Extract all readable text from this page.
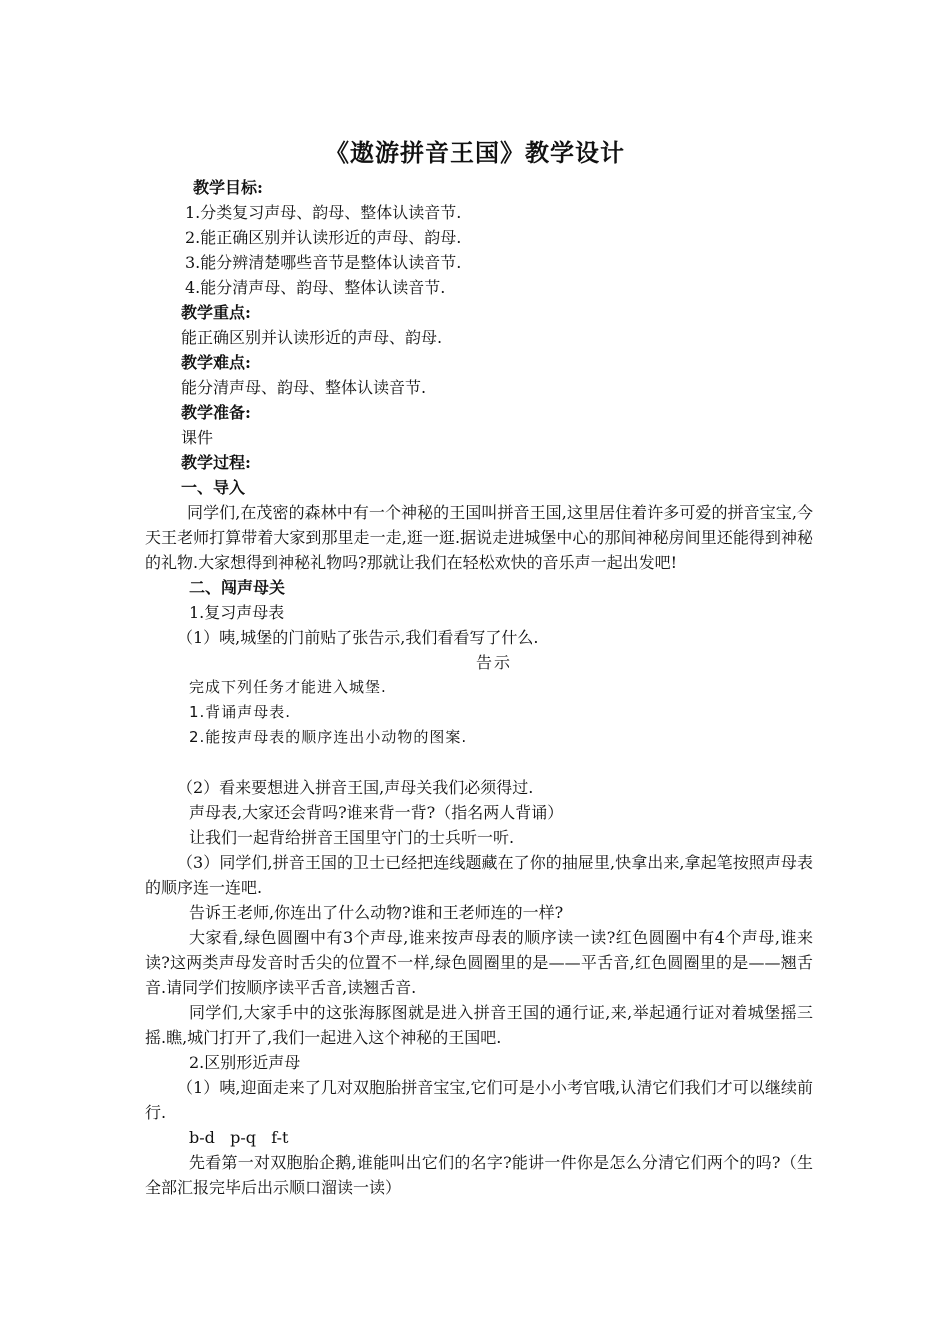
《遨游拼音王国》教学设计
教学目标:
1.分类复习声母、韵母、整体认读音节.
2.能正确区别并认读形近的声母、韵母.
3.能分辨清楚哪些音节是整体认读音节.
4.能分清声母、韵母、整体认读音节.
教学重点:
能正确区别并认读形近的声母、韵母.
教学难点:
能分清声母、韵母、整体认读音节.
教学准备:
课件
教学过程:
一、导入
同学们,在茂密的森林中有一个神秘的王国叫拼音王国,这里居住着许多可爱的拼音宝宝,今天王老师打算带着大家到那里走一走,逛一逛.据说走进城堡中心的那间神秘房间里还能得到神秘的礼物.大家想得到神秘礼物吗?那就让我们在轻松欢快的音乐声一起出发吧!
二、闯声母关
1.复习声母表
（1）咦,城堡的门前贴了张告示,我们看看写了什么.
告示
完成下列任务才能进入城堡.
1.背诵声母表.
2.能按声母表的顺序连出小动物的图案.
（2）看来要想进入拼音王国,声母关我们必须得过.
声母表,大家还会背吗?谁来背一背?（指名两人背诵）
让我们一起背给拼音王国里守门的士兵听一听.
（3）同学们,拼音王国的卫士已经把连线题藏在了你的抽屉里,快拿出来,拿起笔按照声母表的顺序连一连吧.
告诉王老师,你连出了什么动物?谁和王老师连的一样?
大家看,绿色圆圈中有3个声母,谁来按声母表的顺序读一读?红色圆圈中有4个声母,谁来读?这两类声母发音时舌尖的位置不一样,绿色圆圈里的是——平舌音,红色圆圈里的是——翘舌音.请同学们按顺序读平舌音,读翘舌音.
同学们,大家手中的这张海豚图就是进入拼音王国的通行证,来,举起通行证对着城堡摇三摇.瞧,城门打开了,我们一起进入这个神秘的王国吧.
2.区别形近声母
（1）咦,迎面走来了几对双胞胎拼音宝宝,它们可是小小考官哦,认清它们我们才可以继续前行.
b-d   p-q   f-t
先看第一对双胞胎企鹅,谁能叫出它们的名字?能讲一件你是怎么分清它们两个的吗?（生全部汇报完毕后出示顺口溜读一读）
